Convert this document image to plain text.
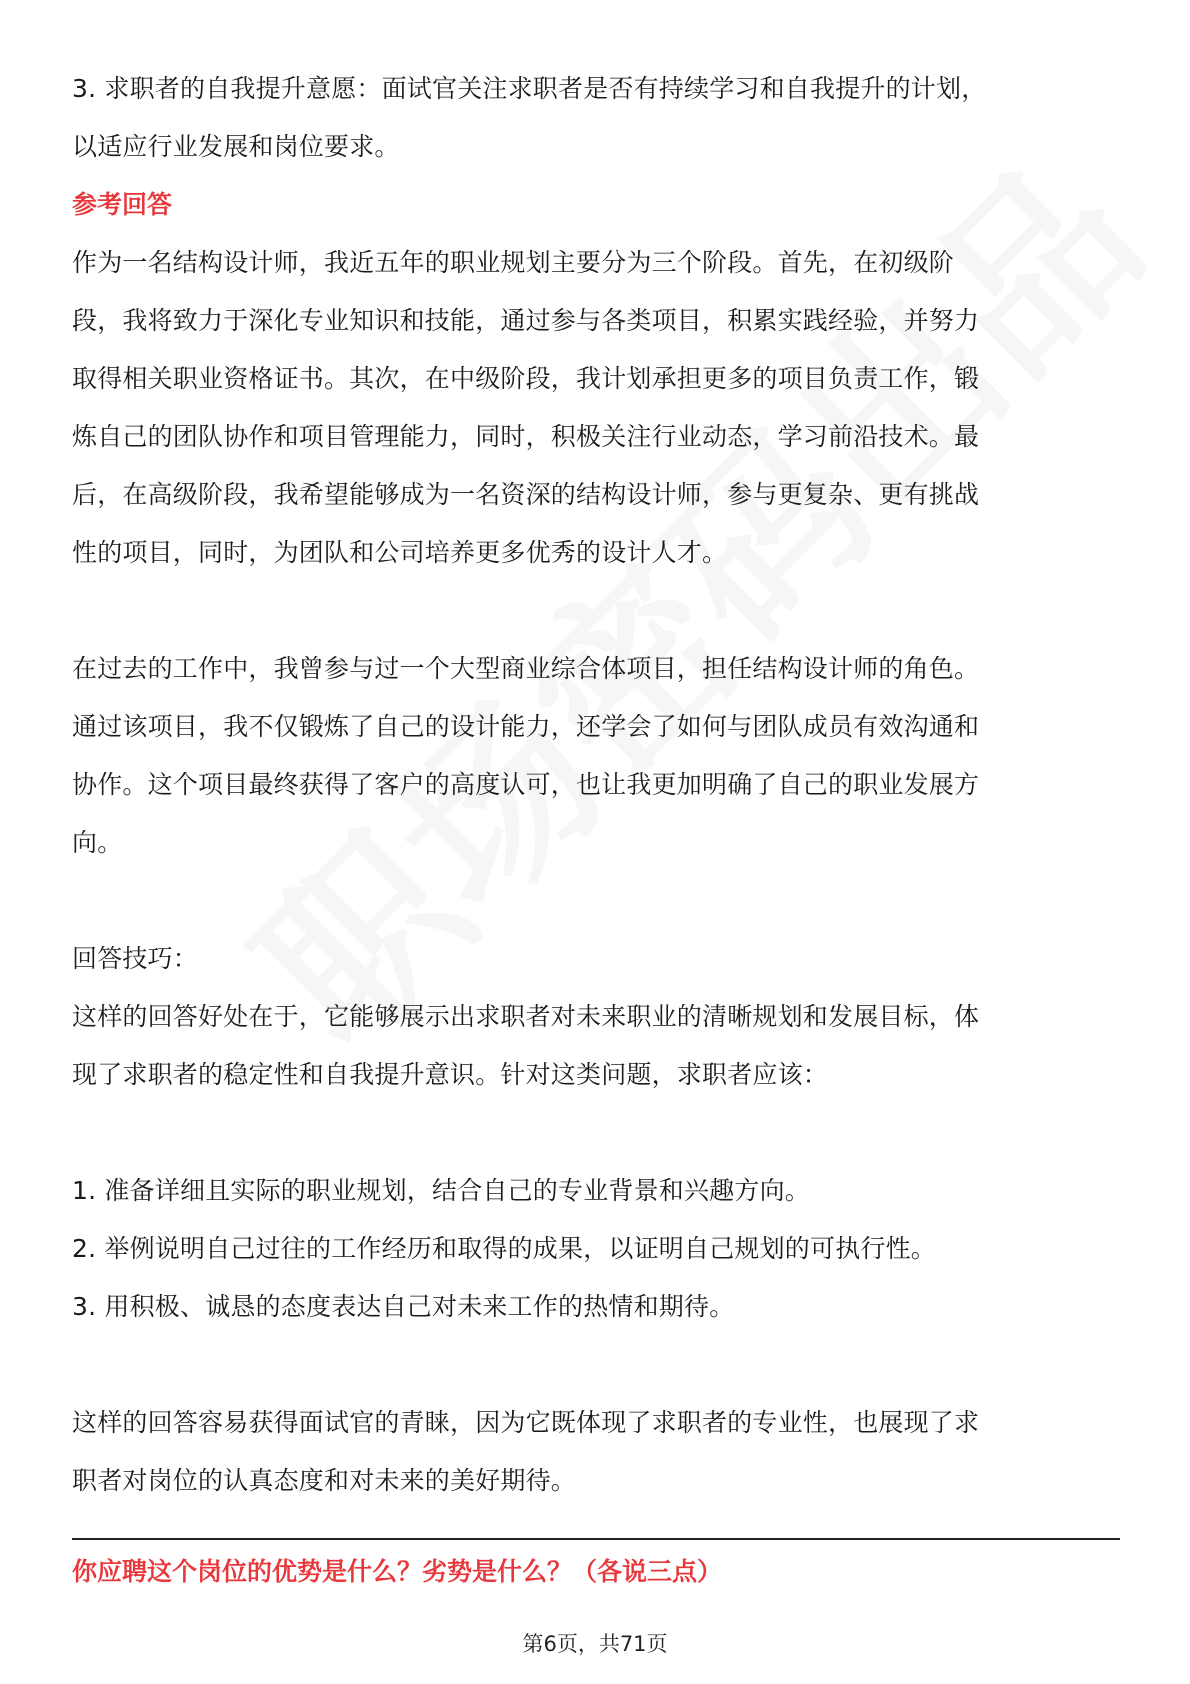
3. 求职者的自我提升意愿：面试官关注求职者是否有持续学习和自我提升的计划，
以适应行业发展和岗位要求。
参考回答
作为一名结构设计师，我近五年的职业规划主要分为三个阶段。首先，在初级阶
段，我将致力于深化专业知识和技能，通过参与各类项目，积累实践经验，并努力
取得相关职业资格证书。其次，在中级阶段，我计划承担更多的项目负责工作，锻
炼自己的团队协作和项目管理能力，同时，积极关注行业动态，学习前沿技术。最
后，在高级阶段，我希望能够成为一名资深的结构设计师，参与更复杂、更有挑战
性的项目，同时，为团队和公司培养更多优秀的设计人才。
在过去的工作中，我曾参与过一个大型商业综合体项目，担任结构设计师的角色。
通过该项目，我不仅锻炼了自己的设计能力，还学会了如何与团队成员有效沟通和
协作。这个项目最终获得了客户的高度认可，也让我更加明确了自己的职业发展方
向。
回答技巧：
这样的回答好处在于，它能够展示出求职者对未来职业的清晰规划和发展目标，体
现了求职者的稳定性和自我提升意识。针对这类问题，求职者应该：
1. 准备详细且实际的职业规划，结合自己的专业背景和兴趣方向。
2. 举例说明自己过往的工作经历和取得的成果，以证明自己规划的可执行性。
3. 用积极、诚恳的态度表达自己对未来工作的热情和期待。
这样的回答容易获得面试官的青睐，因为它既体现了求职者的专业性，也展现了求
职者对岗位的认真态度和对未来的美好期待。
你应聘这个岗位的优势是什么？劣势是什么？（各说三点）
第6页，共71页
